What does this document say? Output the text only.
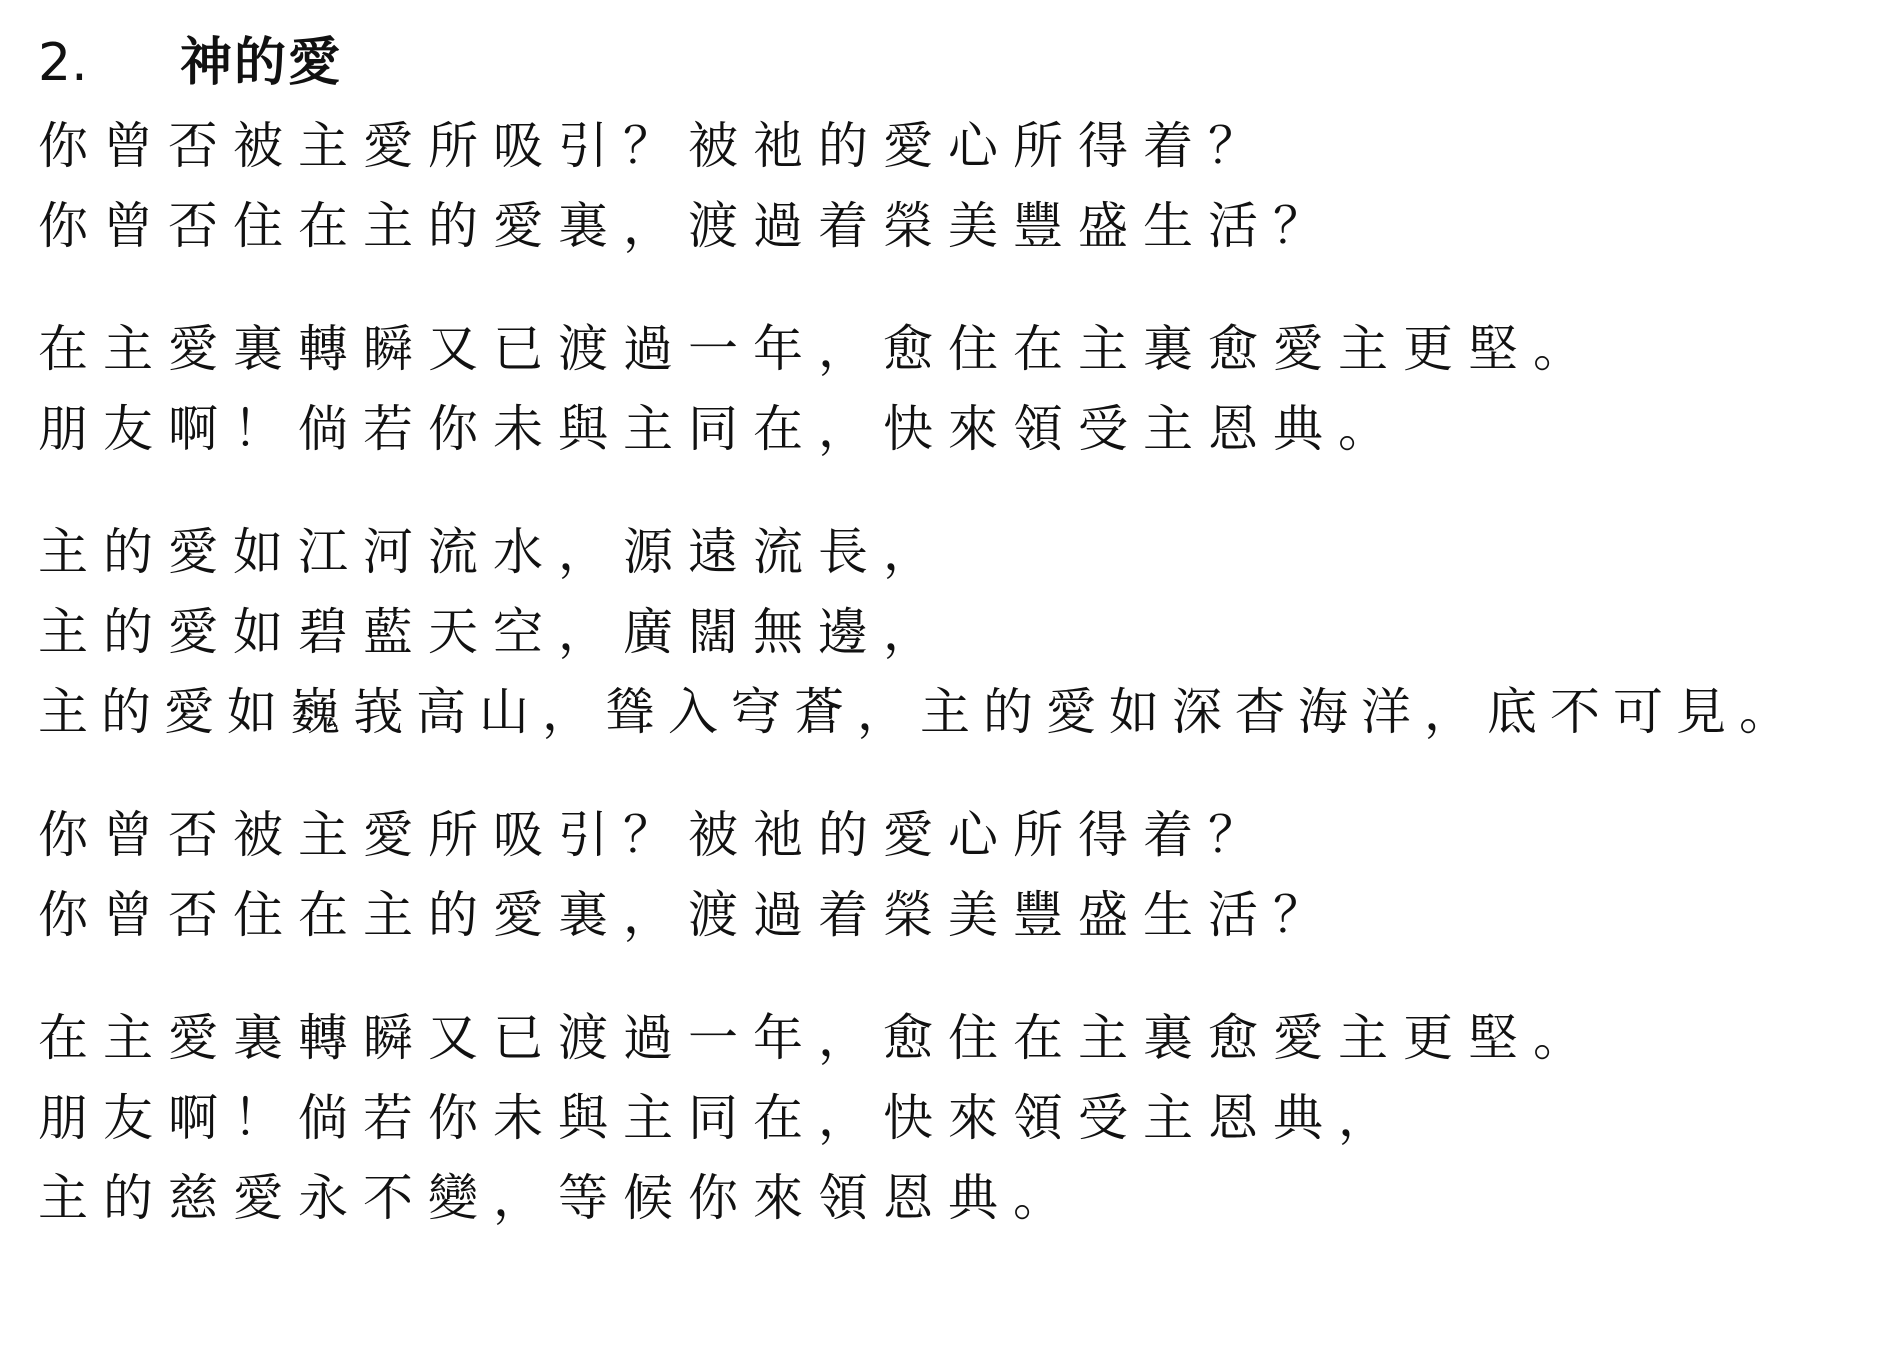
2.	神的愛
你曾否被主愛所吸引？被祂的愛心所得着？
你曾否住在主的愛裏，渡過着榮美豐盛生活？
在主愛裏轉瞬又已渡過一年，愈住在主裏愈愛主更堅。
朋友啊！倘若你未與主同在，快來領受主恩典。
主的愛如江河流水，源遠流長，
主的愛如碧藍天空，廣闊無邊，
主的愛如巍峩高山，聳入穹蒼，主的愛如深杳海洋，底不可見。
你曾否被主愛所吸引？被祂的愛心所得着？
你曾否住在主的愛裏，渡過着榮美豐盛生活？
在主愛裏轉瞬又已渡過一年，愈住在主裏愈愛主更堅。
朋友啊！倘若你未與主同在，快來領受主恩典，
主的慈愛永不變，等候你來領恩典。
